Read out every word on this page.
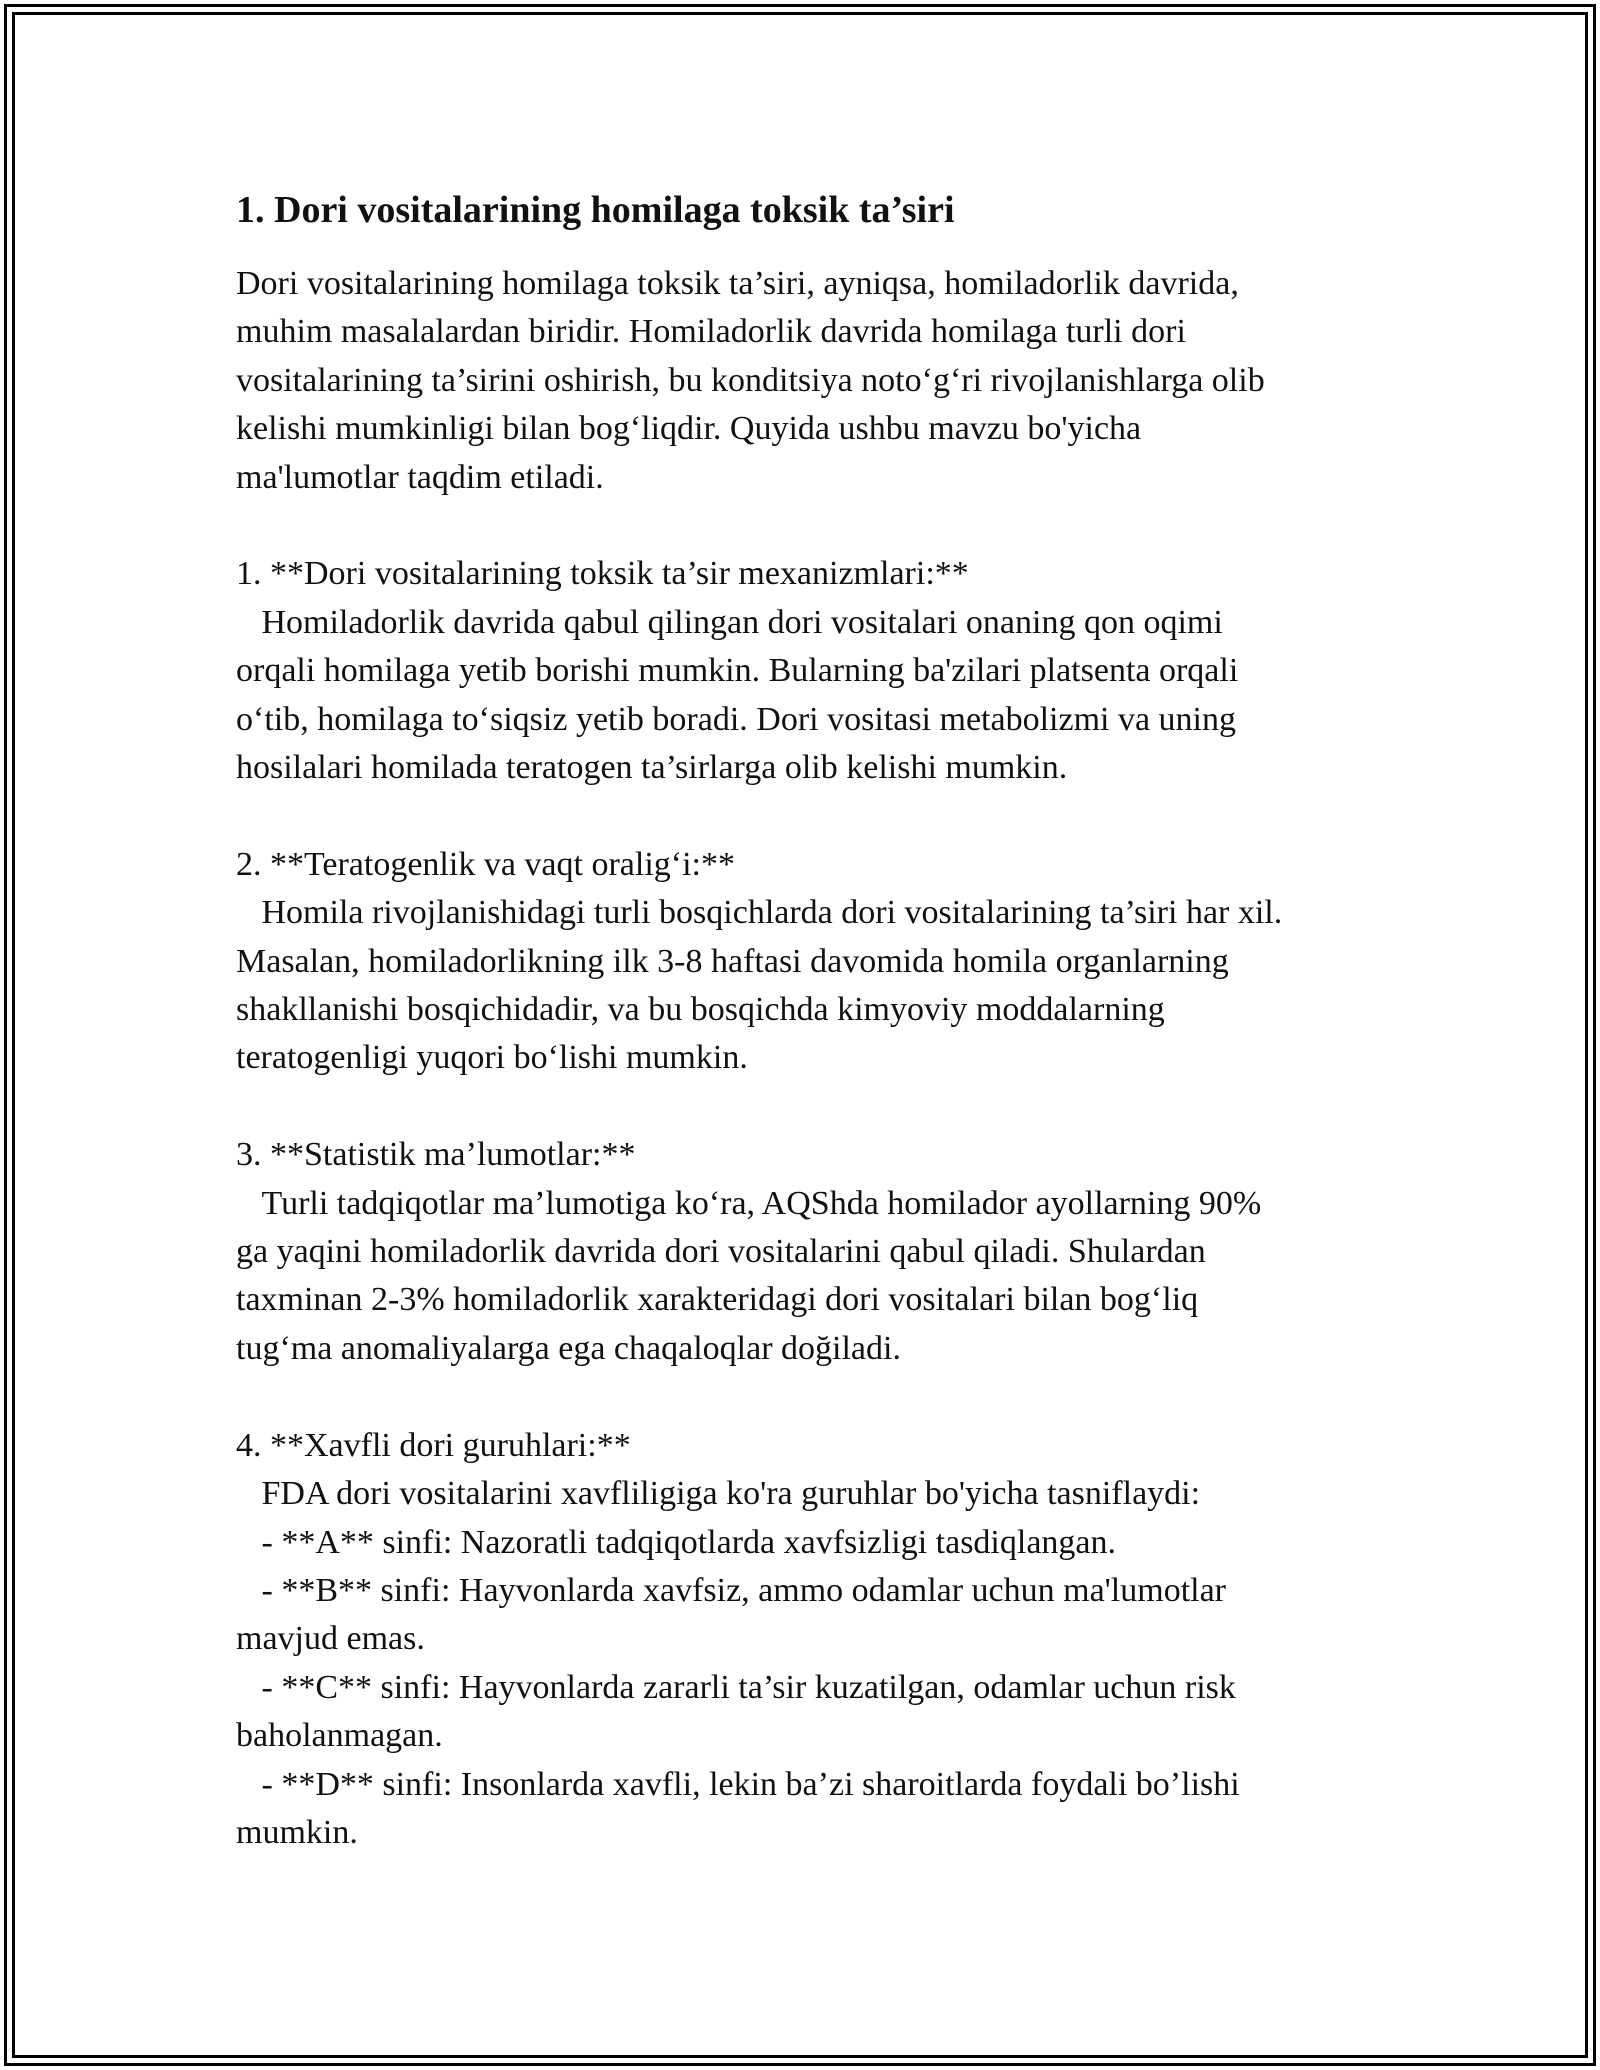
1. Dori vositalarining homilaga toksik ta’siri

Dori vositalarining homilaga toksik ta’siri, ayniqsa, homiladorlik davrida,
muhim masalalardan biridir. Homiladorlik davrida homilaga turli dori
vositalarining ta’sirini oshirish, bu konditsiya noto‘g‘ri rivojlanishlarga olib
kelishi mumkinligi bilan bog‘liqdir. Quyida ushbu mavzu bo'yicha
ma'lumotlar taqdim etiladi.

1. **Dori vositalarining toksik ta’sir mexanizmlari:**

Homiladorlik davrida qabul qilingan dori vositalari onaning qon oqimi
orqali homilaga yetib borishi mumkin. Bularning ba'zilari platsenta orqali
o‘tib, homilaga to‘siqsiz yetib boradi. Dori vositasi metabolizmi va uning
hosilalari homilada teratogen ta’sirlarga olib kelishi mumkin.

2. **Teratogenlik va vaqt oralig‘i:**

Homila rivojlanishidagi turli bosqichlarda dori vositalarining ta’siri har xil.
Masalan, homiladorlikning ilk 3-8 haftasi davomida homila organlarning
shakllanishi bosqichidadir, va bu bosqichda kimyoviy moddalarning
teratogenligi yuqori bo‘lishi mumkin.

3. **Statistik ma’lumotlar:**

Turli tadqiqotlar ma’lumotiga ko‘ra, AQShda homilador ayollarning 90%
ga yaqini homiladorlik davrida dori vositalarini qabul qiladi. Shulardan
taxminan 2-3% homiladorlik xarakteridagi dori vositalari bilan bog‘liq
tug‘ma anomaliyalarga ega chaqaloqlar doğiladi.

4. **Xavfli dori guruhlari:**

FDA dori vositalarini xavfliligiga ko'ra guruhlar bo'yicha tasniflaydi:
- **A** sinfi: Nazoratli tadqiqotlarda xavfsizligi tasdiqlangan.
- **B** sinfi: Hayvonlarda xavfsiz, ammo odamlar uchun ma'lumotlar
mavjud emas.
- **C** sinfi: Hayvonlarda zararli ta’sir kuzatilgan, odamlar uchun risk
baholanmagan.
- **D** sinfi: Insonlarda xavfli, lekin ba’zi sharoitlarda foydali bo’lishi
mumkin.
